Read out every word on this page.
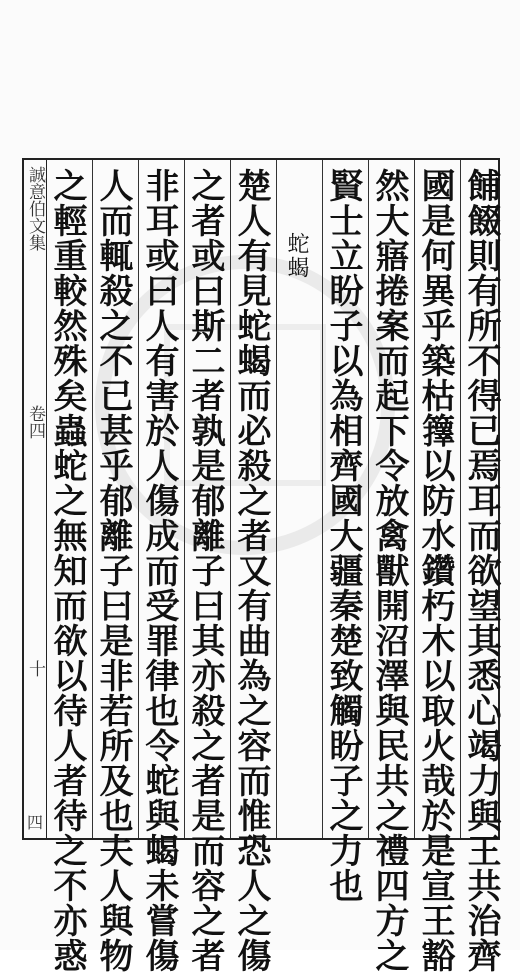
誠意伯文集
卷四
十
四	餔餟則有所不得已焉耳而欲望其悉心竭力與王共治齊
國是何異乎築枯籜以防水鑽朽木以取火哉於是宣王豁
然大寤捲案而起下令放禽獸開沼澤與民共之禮四方之
賢士立盼子以為相齊國大疆秦楚致觸盼子之力也
蛇蝎
楚人有見蛇蝎而必殺之者又有曲為之容而惟恐人之傷
之者或曰斯二者孰是郁離子曰其亦殺之者是而容之者
非耳或曰人有害於人傷成而受罪律也令蛇與蝎未嘗傷
人而輒殺之不已甚乎郁離子曰是非若所及也夫人與物
之輕重較然殊矣蟲蛇之無知而欲以待人者待之不亦惑
